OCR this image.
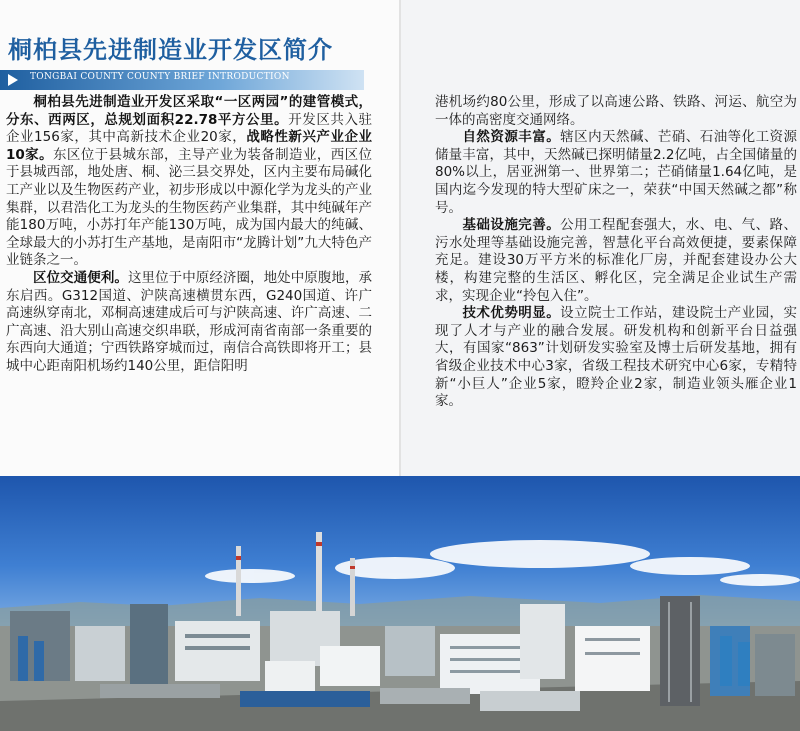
桐柏县先进制造业开发区简介
TONGBAI COUNTY COUNTY BRIEF INTRODUCTION

桐柏县先进制造业开发区采取“一区两园”的建管模式，分东、西两区，总规划面积22.78平方公里。开发区共入驻企业156家，其中高新技术企业20家，战略性新兴产业企业10家。东区位于县城东部，主导产业为装备制造业，西区位于县城西部，地处唐、桐、泌三县交界处，区内主要布局碱化工产业以及生物医药产业，初步形成以中源化学为龙头的产业集群，以君浩化工为龙头的生物医药产业集群，其中纯碱年产能180万吨，小苏打年产能130万吨，成为国内最大的纯碱、全球最大的小苏打生产基地，是南阳市“龙腾计划”九大特色产业链条之一。

区位交通便利。这里位于中原经济圈，地处中原腹地，承东启西。G312国道、沪陕高速横贯东西，G240国道、许广高速纵穿南北，邓桐高速建成后可与沪陕高速、许广高速、二广高速、沿大别山高速交织串联，形成河南省南部一条重要的东西向大通道；宁西铁路穿城而过，南信合高铁即将开工；县城中心距南阳机场约140公里，距信阳明

港机场约80公里，形成了以高速公路、铁路、河运、航空为一体的高密度交通网络。

自然资源丰富。辖区内天然碱、芒硝、石油等化工资源储量丰富，其中，天然碱已探明储量2.2亿吨，占全国储量的80%以上，居亚洲第一、世界第二；芒硝储量1.64亿吨，是国内迄今发现的特大型矿床之一，荣获“中国天然碱之都”称号。

基础设施完善。公用工程配套强大，水、电、气、路、污水处理等基础设施完善，智慧化平台高效便捷，要素保障充足。建设30万平方米的标准化厂房，并配套建设办公大楼，构建完整的生活区、孵化区，完全满足企业试生产需求，实现企业“拎包入住”。

技术优势明显。设立院士工作站，建设院士产业园，实现了人才与产业的融合发展。研发机构和创新平台日益强大，有国家“863”计划研发实验室及博士后研发基地，拥有省级企业技术中心3家，省级工程技术研究中心6家，专精特新“小巨人”企业5家，瞪羚企业2家，制造业领头雁企业1家。
